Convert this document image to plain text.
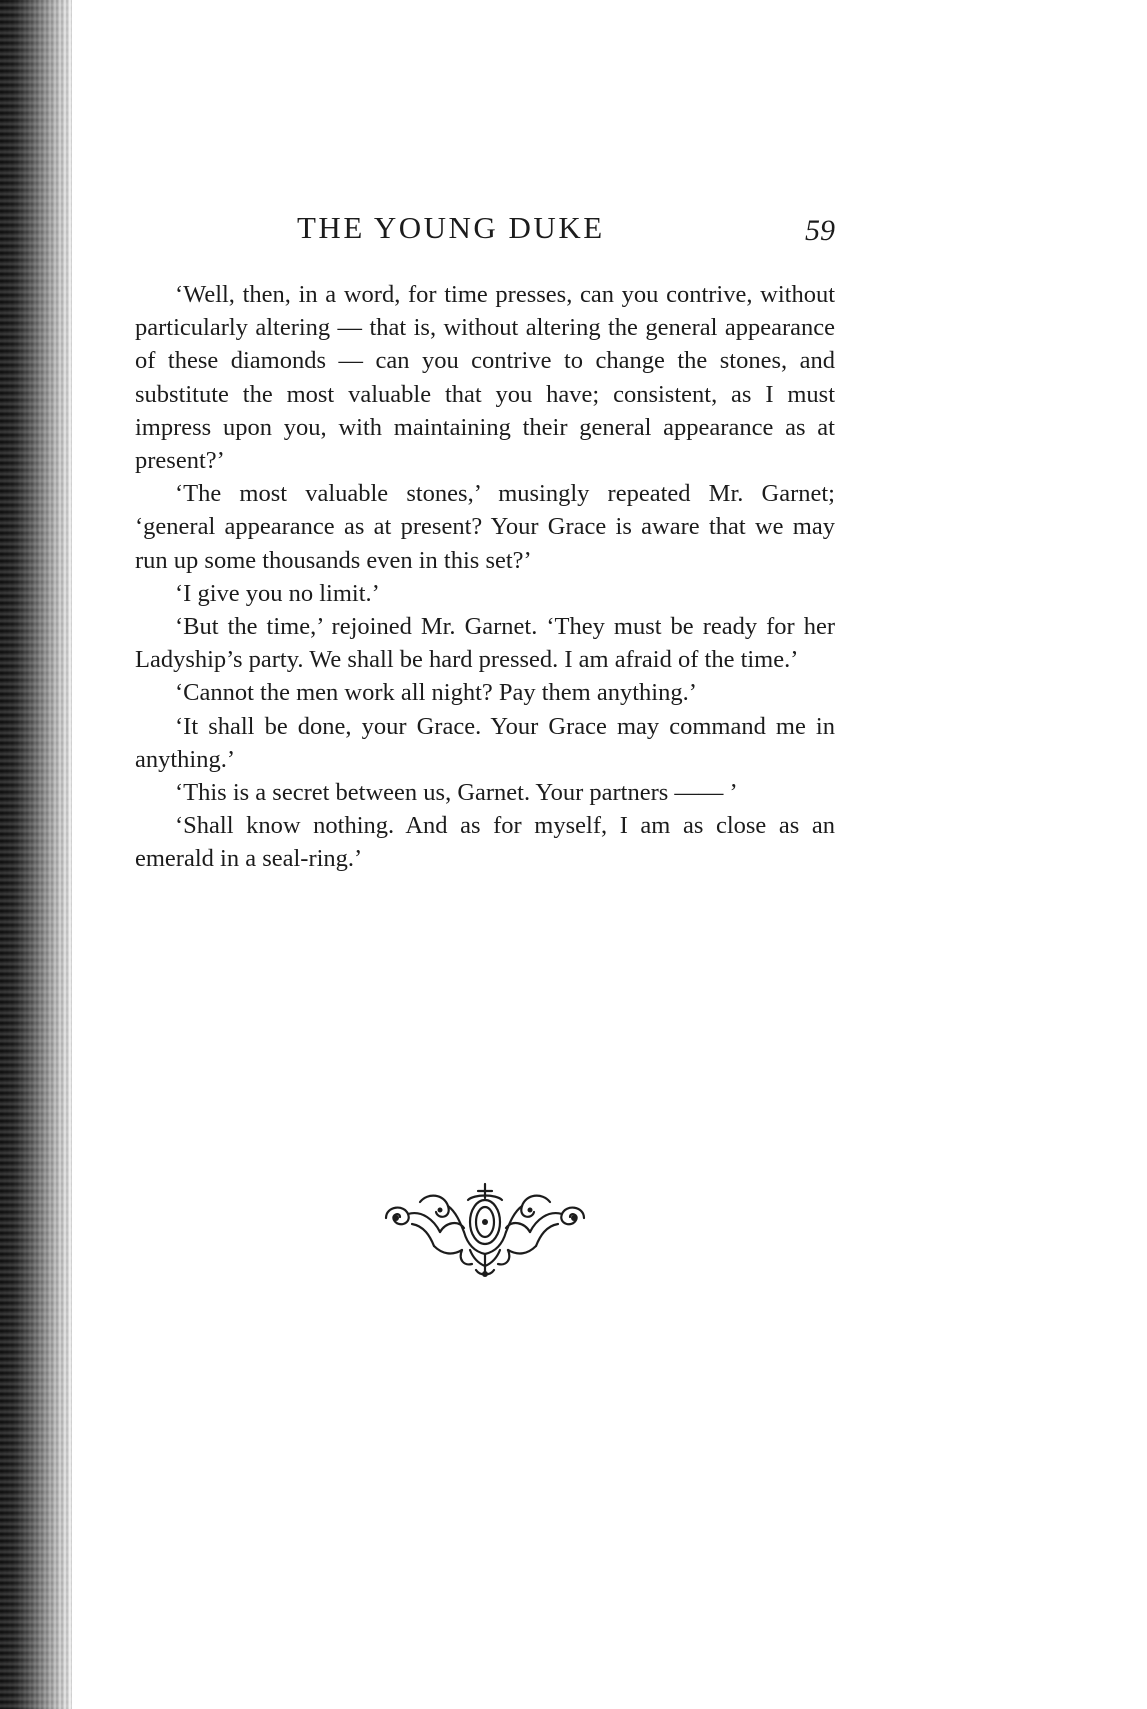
THE YOUNG DUKE	59

‘Well, then, in a word, for time presses, can you contrive, without particularly altering — that is, without altering the general appearance of these diamonds — can you contrive to change the stones, and substitute the most valuable that you have; consistent, as I must impress upon you, with maintaining their general appearance as at present?’

‘The most valuable stones,’ musingly repeated Mr. Garnet; ‘general appearance as at present? Your Grace is aware that we may run up some thousands even in this set?’

‘I give you no limit.’

‘But the time,’ rejoined Mr. Garnet. ‘They must be ready for her Ladyship’s party. We shall be hard pressed. I am afraid of the time.’

‘Cannot the men work all night? Pay them anything.’

‘It shall be done, your Grace. Your Grace may command me in anything.’

‘This is a secret between us, Garnet. Your partners —— ’

‘Shall know nothing. And as for myself, I am as close as an emerald in a seal-ring.’
